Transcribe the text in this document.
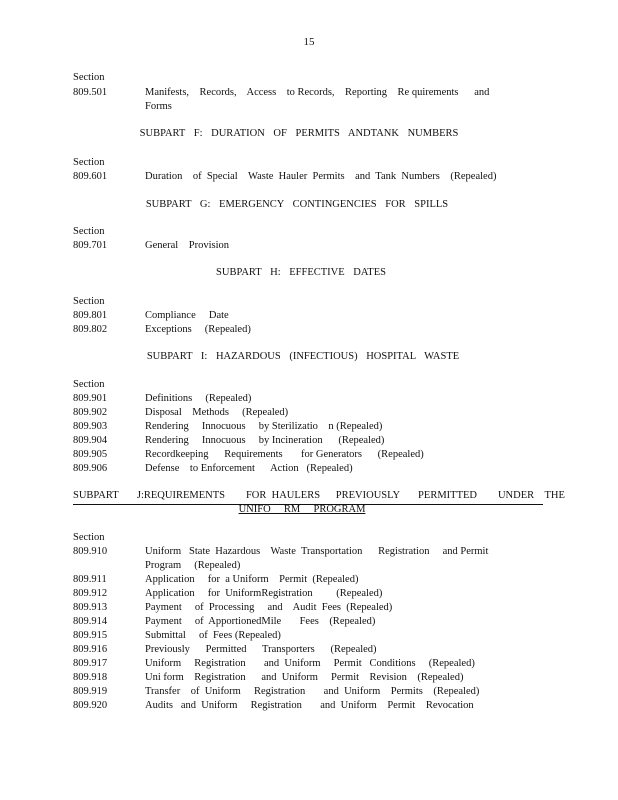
15
Section
809.501	Manifests,    Records,    Access    to Records,    Reporting    Re quirements      and
Forms
SUBPART F: DURATION OF PERMITS ANDTANK NUMBERS
Section
809.601	Duration    of  Special    Waste  Hauler  Permits    and  Tank  Numbers    (Repealed)
SUBPART G: EMERGENCY CONTINGENCIES FOR SPILLS
Section
809.701	General    Provision
SUBPART H: EFFECTIVE DATES
Section
809.801	Compliance     Date
809.802	Exceptions     (Repealed)
SUBPART I: HAZARDOUS (INFECTIOUS) HOSPITAL WASTE
Section
809.901	Definitions     (Repealed)
809.902	Disposal    Methods     (Repealed)
809.903	Rendering     Innocuous     by Sterilizatio    n (Repealed)
809.904	Rendering     Innocuous     by Incineration      (Repealed)
809.905	Recordkeeping      Requirements       for Generators      (Repealed)
809.906	Defense    to Enforcement      Action   (Repealed)
SUBPART       J:REQUIREMENTS        FOR  HAULERS      PREVIOUSLY       PERMITTED        UNDER    THE
UNIFO  RM  PROGRAM
Section
809.910	Uniform   State  Hazardous    Waste  Transportation      Registration     and Permit
Program     (Repealed)
809.911	Application     for  a Uniform    Permit  (Repealed)
809.912	Application     for  UniformRegistration         (Repealed)
809.913	Payment     of  Processing     and    Audit  Fees  (Repealed)
809.914	Payment     of  ApportionedMile       Fees    (Repealed)
809.915	Submittal     of  Fees (Repealed)
809.916	Previously      Permitted      Transporters      (Repealed)
809.917	Uniform     Registration       and  Uniform     Permit   Conditions     (Repealed)
809.918	Uni form    Registration      and  Uniform     Permit    Revision    (Repealed)
809.919	Transfer    of  Uniform     Registration       and  Uniform    Permits    (Repealed)
809.920	Audits   and  Uniform     Registration       and  Uniform    Permit    Revocation
